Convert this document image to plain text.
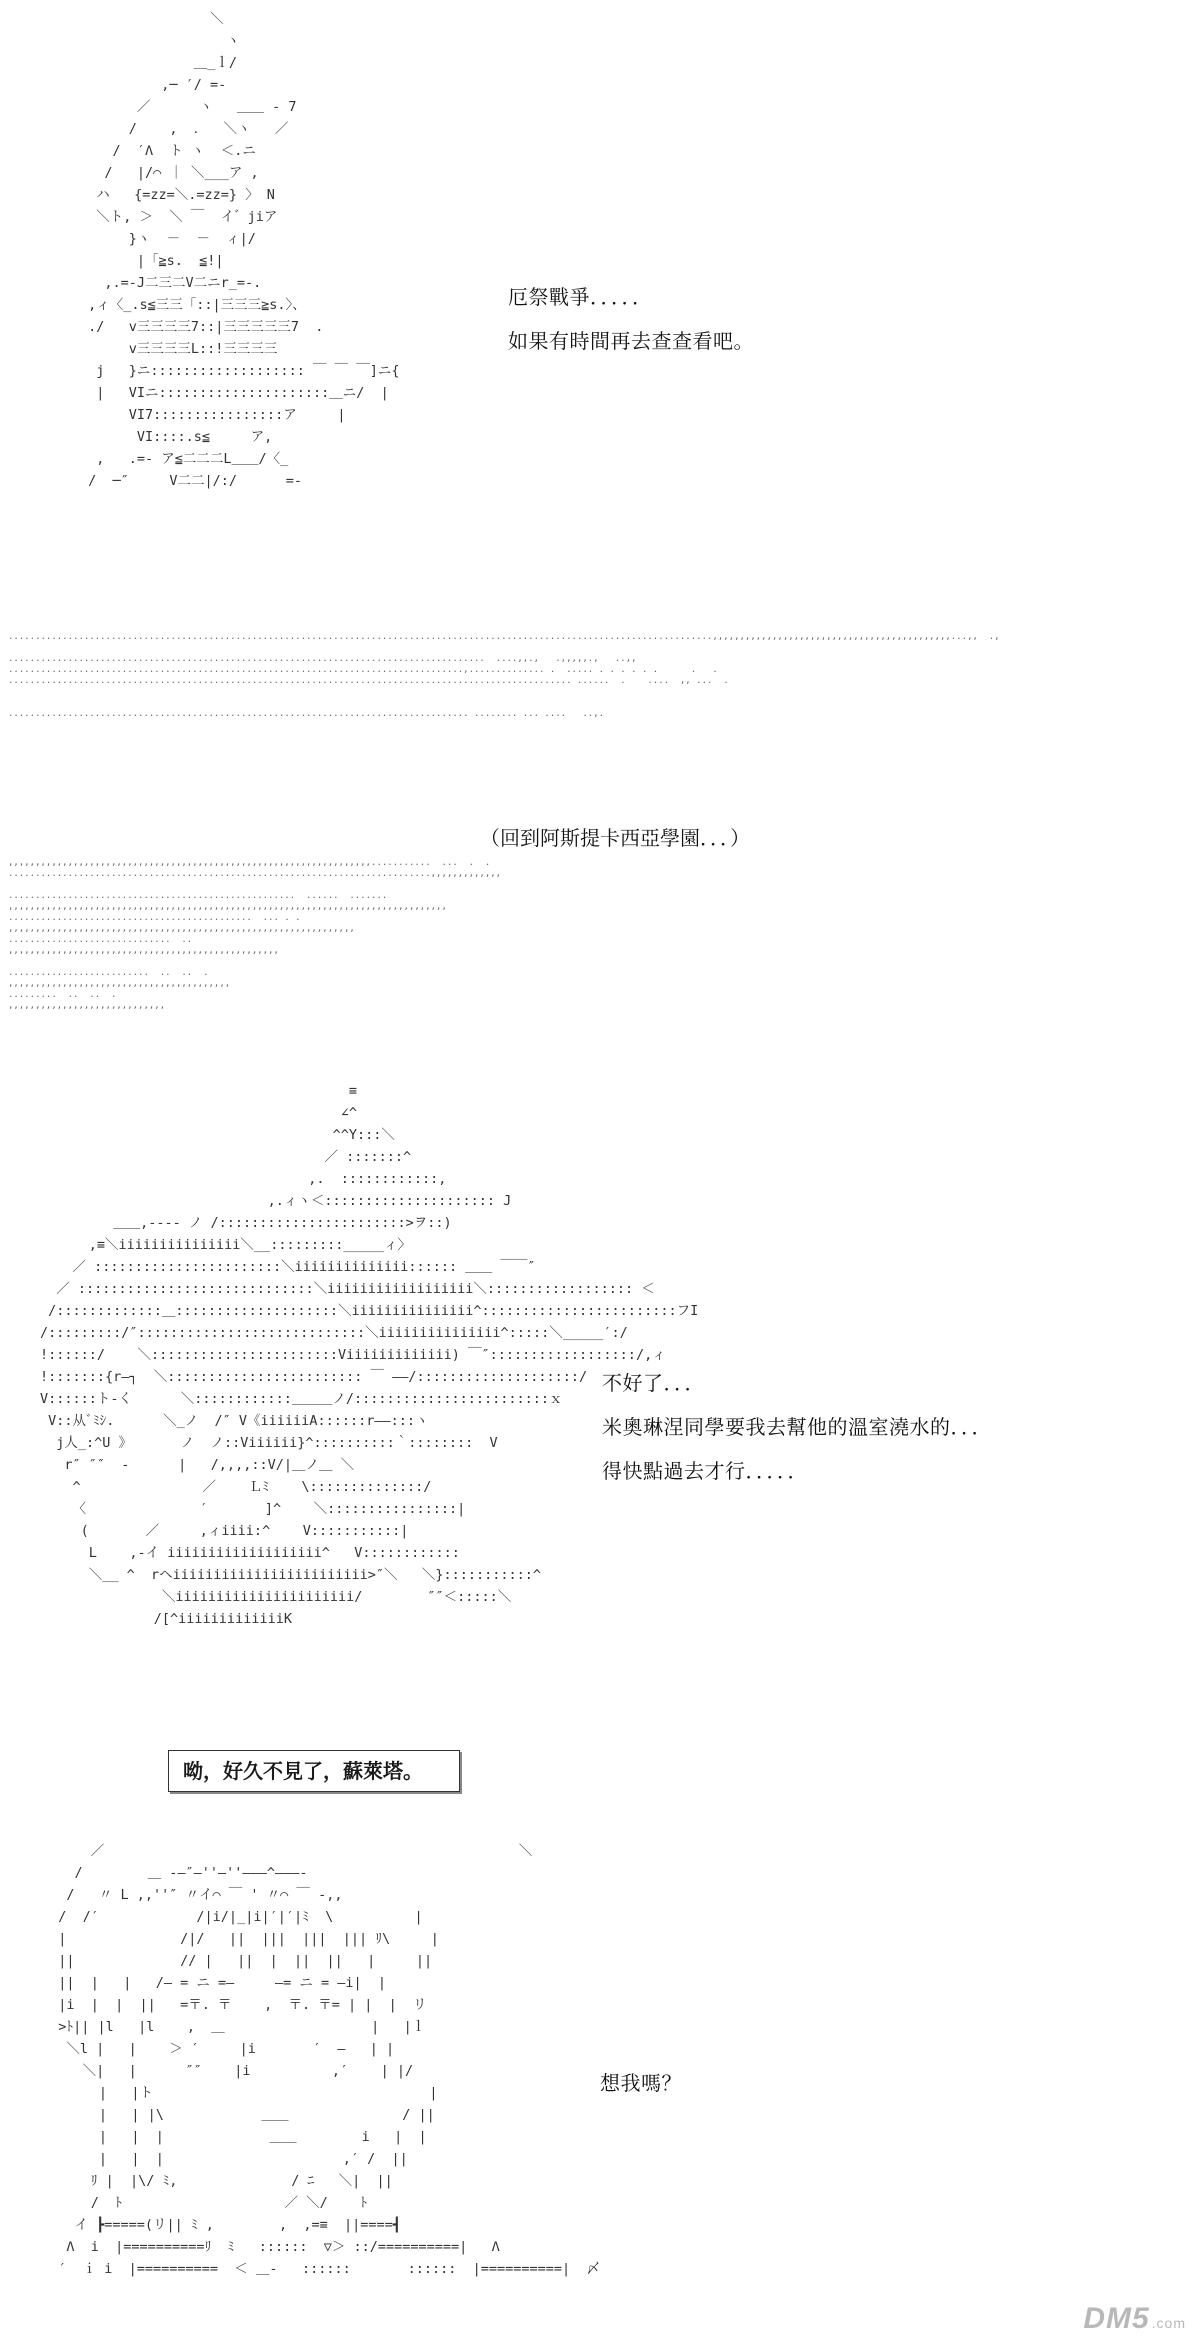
＼
ヽ
＿_ｌ/
,─ ′/ =-
／      ヽ   ＿＿ - 7
/    ,  ．  ＼ヽ   ／
/  ′Λ  ト ヽ  ＜.ニ
/   |/⌒ ｜ ＼___ア ,
ハ   {=zz=＼.=zz=} 〉 N
＼ト, ＞  ＼ ￣  イ゛jiア
}ヽ  －  －  ィ|/
|「≧s.  ≦!|
,.=-J二三二V二ニr_=-.
,ィ〈_.s≦三三「::|三三三≧s.〉、
./   v三三三三7::|三三三三三7  .
v三三三三L::!三三三三
j   }ニ::::::::::::::::::: ￣ ￣ ￣]ニ{
|   VIニ:::::::::::::::::::::＿ニ/  |
VI7::::::::::::::::ア     |
VI::::.s≦     ア,
,   .=- ア≦二二二L＿＿/〈_
/  ─″     V二二|/:/      =-
厄祭戰爭．．．．．
如果有時間再去查查看吧。
..................................................................................................................................,,,,,,,,,,,,,,,,,,,,,,,,,,,,,,,,,,,,,,,,,,,,...,,  .,

........................................................................................  ....,,.,   .,,,,,.,   ..,,
....................................................................................,.............. .  ..... . . . . . .      .   .
........................................................................................................ ......  .    ....  ,, ...  .

..................................................................................... ........ ... ....   ..,.
（回到阿斯提卡西亞學園．．．）
,,,,,,,,,,,,,,,,,,,,,,,,,,,,,,,,,,,,,,,,,,,,,,,,,,,,,,,,,,,,,,,,,,,...........  ...  .  .
..............................................................................,,,,,,,,,,,,,

.....................................................  ......  .......
,,,,,,,,,,,,,,,,,,,,,,,,,,,,,,,,,,,,,,,,,,,,,,,,,,,,,,,,,,,,,,,,,,,,,,,,,,,,,,,,,
.............................................  ... . .
,,,,,,,,,,,,,,,,,,,,,,,,,,,,,,,,,,,,,,,,,,,,,,,,,,,,,,,,,,,,,,,,
..............................  ..
,,,,,,,,,,,,,,,,,,,,,,,,,,,,,,,,,,,,,,,,,,,,,,,,,,

..........................  ..  ..  .
,,,,,,,,,,,,,,,,,,,,,,,,,,,,,,,,,,,,,,,,,
.........  ..  ..  .
,,,,,,,,,,,,,,,,,,,,,,,,,,,,,
≡
∠^
^^Y:::＼
／ :::::::^
,.  ::::::::::::,
,.ィヽ＜::::::::::::::::::::: J
＿＿,---- ノ /:::::::::::::::::::::::>ヲ::)
,≡＼iiiiiiiiiiiiiii＼__:::::::::_____ィ〉
／ :::::::::::::::::::::::＼iiiiiiiiiiiiii:::::: ＿＿ ￣￣″
／ :::::::::::::::::::::::::::::＼iiiiiiiiiiiiiiiiii＼:::::::::::::::::: ＜
/:::::::::::::＿::::::::::::::::::::＼iiiiiiiiiiiiiii^::::::::::::::::::::::::フI
/:::::::::/″::::::::::::::::::::::::::::＼iiiiiiiiiiiiiii^:::::＼_____′:/
!::::::/    ＼:::::::::::::::::::::::Viiiiiiiiiiiii) ￣″::::::::::::::::::/,ィ
!:::::::{r―┐  ＼:::::::::::::::::::::::: ￣ ――/::::::::::::::::::::/
V::::::ト-く      ＼::::::::::::＿＿＿ノ/::::::::::::::::::::::::ｘ
V::从ﾞﾐｼ.      ＼_ノ  /″ V《iiiiiiA::::::r――:::ヽ
j人_:^U 》      ノ  ノ::Viiiiii}^::::::::::｀::::::::  V
r″ ″″  -      |   /,,,,::V/|＿ノ＿ ＼
^               ／    Ｌﾐ    \::::::::::::::/
〈              ′       ]^    ＼::::::::::::::::|
(       ／     ,ィiiii:^    V:::::::::::|
L    ,-イ iiiiiiiiiiiiiiiiiii^   V::::::::::::
＼__ ^  rヘiiiiiiiiiiiiiiiiiiiiiiii>″＼   ＼}:::::::::::^
＼iiiiiiiiiiiiiiiiiiiiii/        ″″＜:::::＼
/[^iiiiiiiiiiiiiK
不好了．．．
米奧琳涅同學要我去幫他的溫室澆水的．．．
得快點過去才行．．．．．
呦，好久不見了，蘇萊塔。
／                                                   ＼
/        ＿ -―″―''―''―――^―――-
/   〃 L ,,''″ 〃イ⌒ ￣ ' 〃⌒ ￣ -,,
/  /′            /|i/|_|i|′|′|ﾐ  \          |
|              /|/   ||  |||  |||  ||| ﾘ\     |
||             // |   ||  |  ||  ||   |     ||
||  |   |   /― = ニ =―     ―= ニ = ―i|  |
|i  |  |  ||   =〒. 〒    ,  〒. 〒= | |  |  リ
>ﾄ|| |l   |l    ,  ＿                  |   |ｌ
＼l |   |    ＞ ′     |i       ′  ―   | |
＼|   |      ″″    |i          ,′    | |/
|   |ト                                  |
|   | |\            ＿＿              / ||
|   |  |             ＿＿        i   |  |
|   |  |                      ,′ /  ||
ﾘ |  |\/ ﾐ,              / ﾆ   ＼|  ||
/  ﾄ                    ／ ＼/    ﾄ
イ ┣=====(リ|| ﾐ ,        ,  ,=≡  ||====┫
Λ  i  |==========ﾘ  ﾐ   ::::::  ▽＞ ::/==========|   Λ
′  ｉ i  |==========  ＜ ＿-   ::::::       ::::::  |==========|  〆
想我嗎？
DM5 .com
